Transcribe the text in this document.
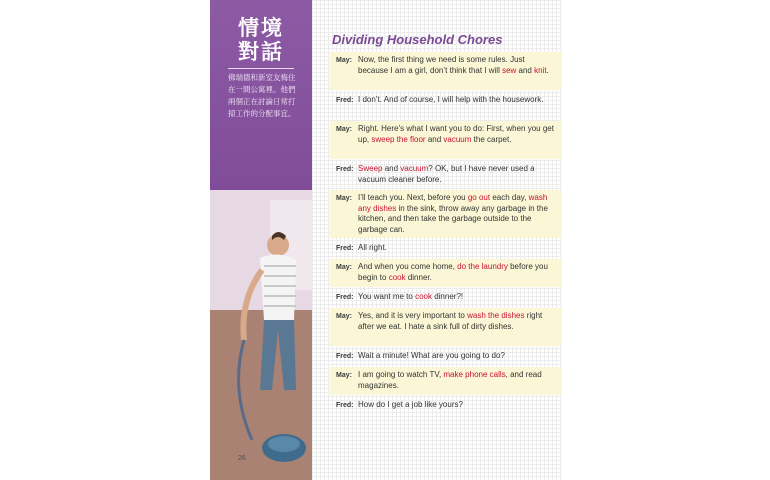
情境
對話
佛瑞德和新室友梅住在一間公寓裡。他們兩個正在討論日常打掃工作的分配事宜。
26
Dividing Household Chores
May: Now, the first thing we need is some rules. Just because I am a girl, don’t think that I will sew and knit.
Fred: I don’t. And of course, I will help with the housework.
May: Right. Here’s what I want you to do: First, when you get up, sweep the floor and vacuum the carpet.
Fred: Sweep and vacuum? OK, but I have never used a vacuum cleaner before.
May: I’ll teach you. Next, before you go out each day, wash any dishes in the sink, throw away any garbage in the kitchen, and then take the garbage outside to the garbage can.
Fred: All right.
May: And when you come home, do the laundry before you begin to cook dinner.
Fred: You want me to cook dinner?!
May: Yes, and it is very important to wash the dishes right after we eat. I hate a sink full of dirty dishes.
Fred: Wait a minute! What are you going to do?
May: I am going to watch TV, make phone calls, and read magazines.
Fred: How do I get a job like yours?
